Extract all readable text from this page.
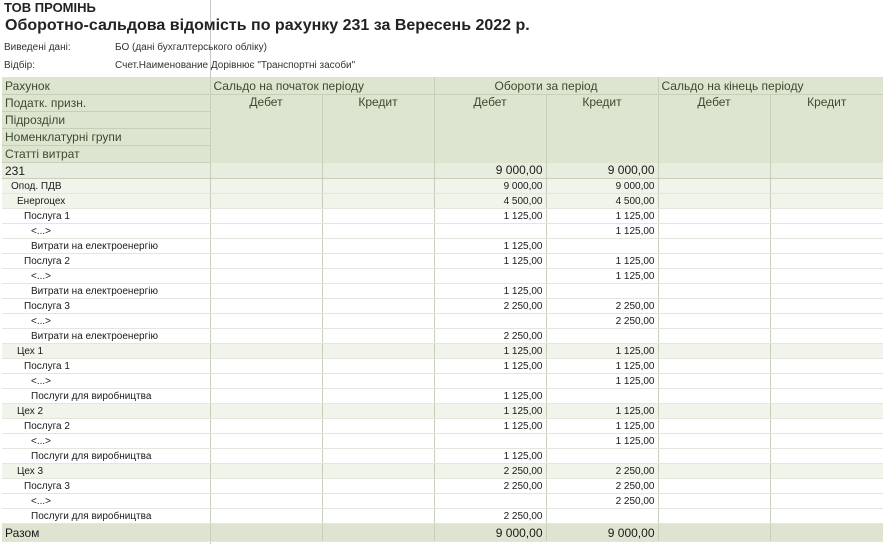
ТОВ ПРОМІНЬ
Оборотно-сальдова відомість по рахунку 231 за Вересень 2022 р.
Виведені дані:	БО (дані бухгалтерського обліку)
Відбір:	Счет.Наименование Дорівнює "Транспортні засоби"
Рахунок	Сальдо на початок періоду		Обороти за період		Сальдо на кінець періоду	
Податк. призн.	Дебет	Кредит	Дебет	Кредит	Дебет	Кредит
Підрозділи						
Номенклатурні групи						
Статті витрат						
231			9 000,00	9 000,00		
Опод. ПДВ			9 000,00	9 000,00		
Енергоцех			4 500,00	4 500,00		
Послуга 1			1 125,00	1 125,00		
<...>				1 125,00		
Витрати на електроенергію			1 125,00			
Послуга 2			1 125,00	1 125,00		
<...>				1 125,00		
Витрати на електроенергію			1 125,00			
Послуга 3			2 250,00	2 250,00		
<...>				2 250,00		
Витрати на електроенергію			2 250,00			
Цех 1			1 125,00	1 125,00		
Послуга 1			1 125,00	1 125,00		
<...>				1 125,00		
Послуги для виробництва			1 125,00			
Цех 2			1 125,00	1 125,00		
Послуга 2			1 125,00	1 125,00		
<...>				1 125,00		
Послуги для виробництва			1 125,00			
Цех 3			2 250,00	2 250,00		
Послуга 3			2 250,00	2 250,00		
<...>				2 250,00		
Послуги для виробництва			2 250,00			
Разом			9 000,00	9 000,00		
